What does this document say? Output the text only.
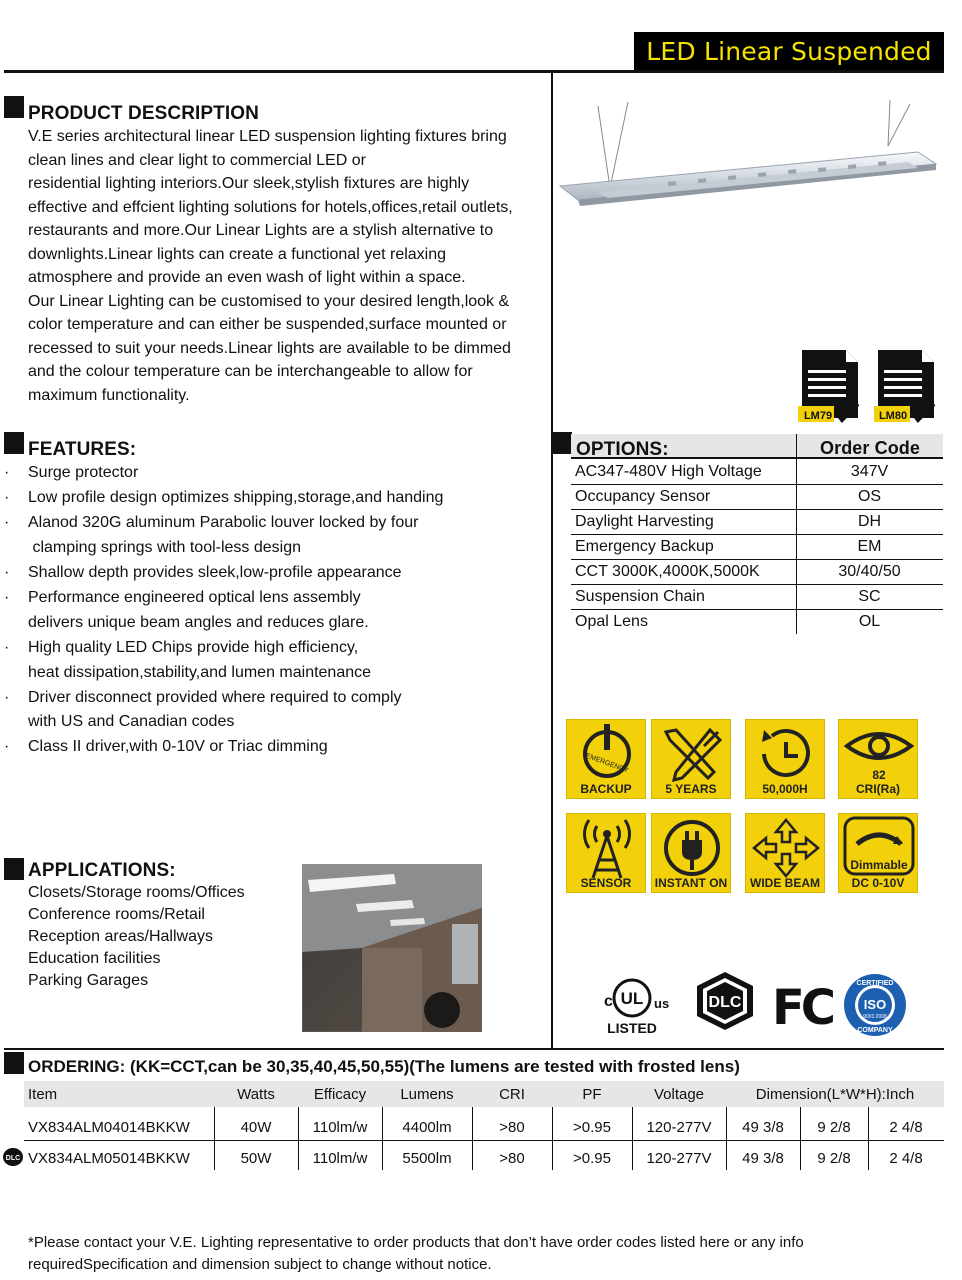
LED Linear Suspended
PRODUCT DESCRIPTION
V.E series architectural linear LED suspension lighting fixtures bring
clean lines and clear light to commercial LED or
residential lighting interiors.Our sleek,stylish fixtures are highly
effective and effcient lighting solutions for hotels,offices,retail outlets,
restaurants and more.Our Linear Lights are a stylish alternative to
downlights.Linear lights can create a functional yet relaxing
atmosphere and provide an even wash of light within a space.
Our Linear Lighting can be customised to your desired length,look &
color temperature and can either be suspended,surface mounted or
recessed to suit your needs.Linear lights are available to be dimmed
and the colour temperature can be interchangeable to allow for
maximum functionality.
LM79	LM80
FEATURES:
· Surge protector
· Low profile design optimizes shipping,storage,and handing
· Alanod 320G aluminum Parabolic louver locked by four
clamping springs with tool-less design
· Shallow depth provides sleek,low-profile appearance
· Performance engineered optical lens assembly
delivers unique beam angles and reduces glare.
· High quality LED Chips provide high efficiency,
heat dissipation,stability,and lumen maintenance
· Driver disconnect provided where required to comply
with US and Canadian codes
· Class II driver,with 0-10V or Triac dimming
OPTIONS:	Order Code
AC347-480V High Voltage	347V
Occupancy Sensor	OS
Daylight Harvesting	DH
Emergency Backup	EM
CCT 3000K,4000K,5000K	30/40/50
Suspension Chain	SC
Opal Lens	OL
EMERGENCY
BACKUP	5 YEARS	50,000H
82
CRI(Ra)
SENSOR	INSTANT ON	WIDE BEAM
Dimmable
DC 0-10V
APPLICATIONS:
Closets/Storage rooms/Offices
Conference rooms/Retail
Reception areas/Hallways
Education facilities
Parking Garages
c UL us
LISTED
DLC FC	CERTIFIED
ISO
9001:2008
COMPANY
ORDERING: (KK=CCT,can be 30,35,40,45,50,55)(The lumens are tested with frosted lens)
Item	Watts	Efficacy	Lumens	CRI	PF	Voltage	Dimension(L*W*H):Inch
VX834ALM04014BKKW	40W	110lm/w	4400lm	>80	>0.95	120-277V	49 3/8	9 2/8	2 4/8
VX834ALM05014BKKW	50W	110lm/w	5500lm	>80	>0.95	120-277V	49 3/8	9 2/8	2 4/8
DLC
*Please contact your V.E. Lighting representative to order products that don’t have order codes listed here or any info
requiredSpecification and dimension subject to change without notice.
